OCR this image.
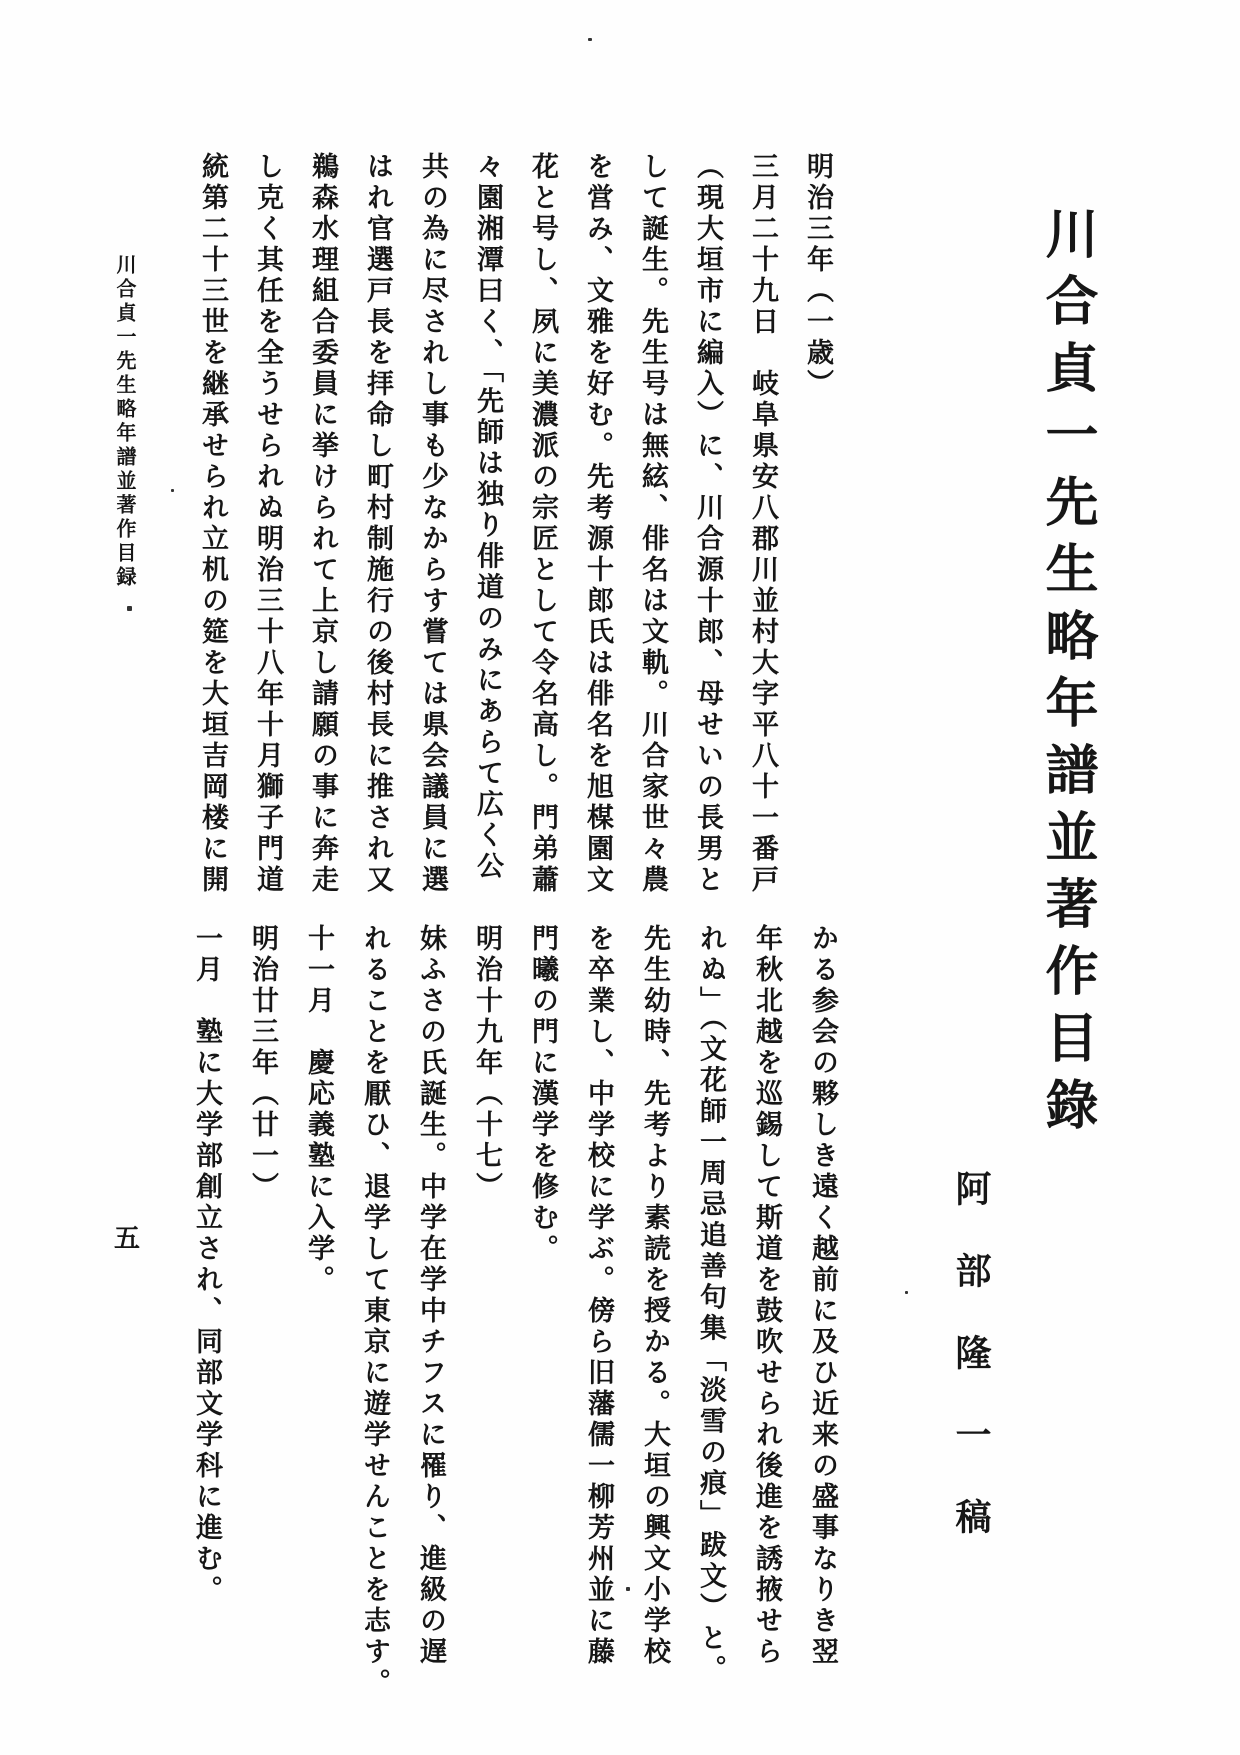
川合貞一先生略年譜並著作目錄
阿部隆一稿
明治三年（一歳）
三月二十九日　岐阜県安八郡川並村大字平八十一番戸
（現大垣市に編入）に、川合源十郎、母せいの長男と
して誕生。先生号は無絃、俳名は文軌。川合家世々農
を営み、文雅を好む。先考源十郎氏は俳名を旭楳園文
花と号し、夙に美濃派の宗匠として令名高し。門弟蕭
々園湘潭曰く、「先師は独り俳道のみにあらて広く公
共の為に尽されし事も少なからす嘗ては県会議員に選
はれ官選戸長を拝命し町村制施行の後村長に推され又
鵜森水理組合委員に挙けられて上京し請願の事に奔走
し克く其任を全うせられぬ明治三十八年十月獅子門道
統第二十三世を継承せられ立机の筵を大垣吉岡楼に開
かる参会の夥しき遠く越前に及ひ近来の盛事なりき翌
年秋北越を巡錫して斯道を鼓吹せられ後進を誘掖せら
れぬ」（文花師一周忌追善句集「淡雪の痕」跋文）と。
先生幼時、先考より素読を授かる。大垣の興文小学校
を卒業し、中学校に学ぶ。傍ら旧藩儒一柳芳州並に藤
門曦の門に漢学を修む。
明治十九年（十七）
妹ふさの氏誕生。中学在学中チフスに罹り、進級の遅
れることを厭ひ、退学して東京に遊学せんことを志す。
十一月　慶応義塾に入学。
明治廿三年（廿一）
一月　塾に大学部創立され、同部文学科に進む。
川合貞一先生略年譜並著作目録
五
